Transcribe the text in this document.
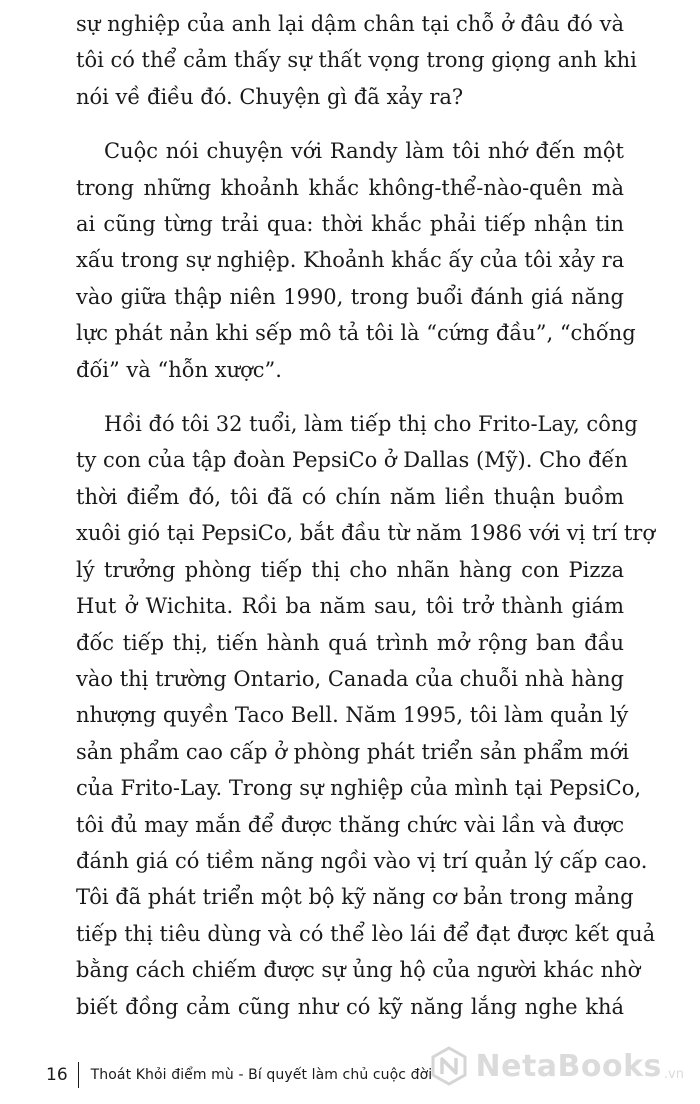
sự nghiệp của anh lại dậm chân tại chỗ ở đâu đó và
tôi có thể cảm thấy sự thất vọng trong giọng anh khi
nói về điều đó. Chuyện gì đã xảy ra?

Cuộc nói chuyện với Randy làm tôi nhớ đến một
trong những khoảnh khắc không-thể-nào-quên mà
ai cũng từng trải qua: thời khắc phải tiếp nhận tin
xấu trong sự nghiệp. Khoảnh khắc ấy của tôi xảy ra
vào giữa thập niên 1990, trong buổi đánh giá năng
lực phát nản khi sếp mô tả tôi là “cứng đầu”, “chống
đối” và “hỗn xược”.

Hồi đó tôi 32 tuổi, làm tiếp thị cho Frito-Lay, công
ty con của tập đoàn PepsiCo ở Dallas (Mỹ). Cho đến
thời điểm đó, tôi đã có chín năm liền thuận buồm
xuôi gió tại PepsiCo, bắt đầu từ năm 1986 với vị trí trợ
lý trưởng phòng tiếp thị cho nhãn hàng con Pizza
Hut ở Wichita. Rồi ba năm sau, tôi trở thành giám
đốc tiếp thị, tiến hành quá trình mở rộng ban đầu
vào thị trường Ontario, Canada của chuỗi nhà hàng
nhượng quyền Taco Bell. Năm 1995, tôi làm quản lý
sản phẩm cao cấp ở phòng phát triển sản phẩm mới
của Frito-Lay. Trong sự nghiệp của mình tại PepsiCo,
tôi đủ may mắn để được thăng chức vài lần và được
đánh giá có tiềm năng ngồi vào vị trí quản lý cấp cao.
Tôi đã phát triển một bộ kỹ năng cơ bản trong mảng
tiếp thị tiêu dùng và có thể lèo lái để đạt được kết quả
bằng cách chiếm được sự ủng hộ của người khác nhờ
biết đồng cảm cũng như có kỹ năng lắng nghe khá

16	Thoát Khỏi điểm mù - Bí quyết làm chủ cuộc đời NetaBooks .vn
